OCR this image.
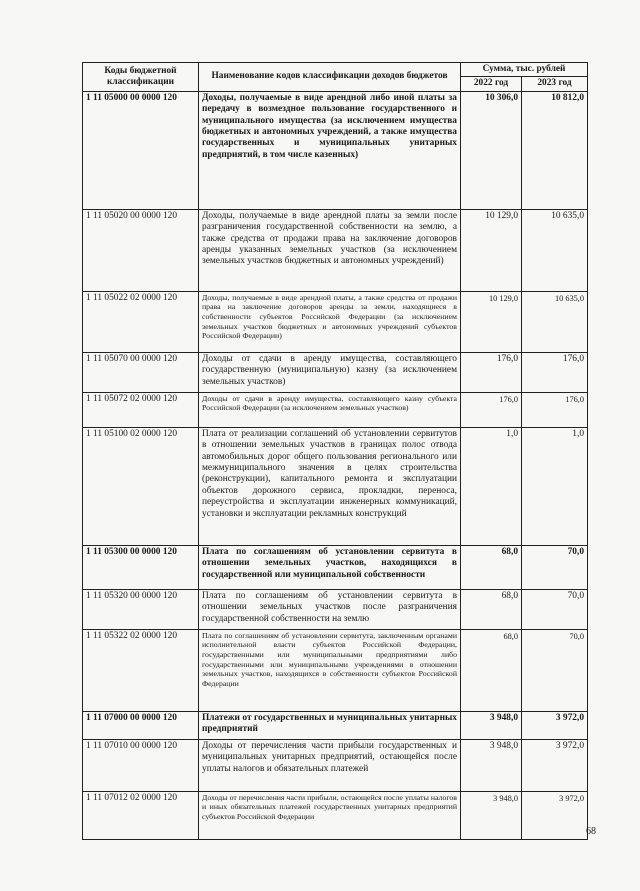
Коды бюджетной классификации	Наименование кодов классификации доходов бюджетов	Сумма, тыс. рублей	
		2022 год	2023 год
1 11 05000 00 0000 120	Доходы, получаемые в виде арендной либо иной платы за передачу в возмездное пользование государственного и муниципального имущества (за исключением имущества бюджетных и автономных учреждений, а также имущества государственных и муниципальных унитарных предприятий, в том числе казенных)	10 306,0	10 812,0
1 11 05020 00 0000 120	Доходы, получаемые в виде арендной платы за земли после разграничения государственной собственности на землю, а также средства от продажи права на заключение договоров аренды указанных земельных участков (за исключением земельных участков бюджетных и автономных учреждений)	10 129,0	10 635,0
1 11 05022 02 0000 120	Доходы, получаемые в виде арендной платы, а также средства от продажи права на заключение договоров аренды за земли, находящиеся в собственности субъектов Российской Федерации (за исключением земельных участков бюджетных и автономных учреждений субъектов Российской Федерации)	10 129,0	10 635,0
1 11 05070 00 0000 120	Доходы от сдачи в аренду имущества, составляющего государственную (муниципальную) казну (за исключением земельных участков)	176,0	176,0
1 11 05072 02 0000 120	Доходы от сдачи в аренду имущества, составляющего казну субъекта Российской Федерации (за исключением земельных участков)	176,0	176,0
1 11 05100 02 0000 120	Плата от реализации соглашений об установлении сервитутов в отношении земельных участков в границах полос отвода автомобильных дорог общего пользования регионального или межмуниципального значения в целях строительства (реконструкции), капитального ремонта и эксплуатации объектов дорожного сервиса, прокладки, переноса, переустройства и эксплуатации инженерных коммуникаций, установки и эксплуатации рекламных конструкций	1,0	1,0
1 11 05300 00 0000 120	Плата по соглашениям об установлении сервитута в отношении земельных участков, находящихся в государственной или муниципальной собственности	68,0	70,0
1 11 05320 00 0000 120	Плата по соглашениям об установлении сервитута в отношении земельных участков после разграничения государственной собственности на землю	68,0	70,0
1 11 05322 02 0000 120	Плата по соглашениям об установлении сервитута, заключенным органами исполнительной власти субъектов Российской Федерации, государственными или муниципальными предприятиями либо государственными или муниципальными учреждениями в отношении земельных участков, находящихся в собственности субъектов Российской Федерации	68,0	70,0
1 11 07000 00 0000 120	Платежи от государственных и муниципальных унитарных предприятий	3 948,0	3 972,0
1 11 07010 00 0000 120	Доходы от перечисления части прибыли государственных и муниципальных унитарных предприятий, остающейся после уплаты налогов и обязательных платежей	3 948,0	3 972,0
1 11 07012 02 0000 120	Доходы от перечисления части прибыли, остающейся после уплаты налогов и иных обязательных платежей государственных унитарных предприятий субъектов Российской Федерации	3 948,0	3 972,0
68
